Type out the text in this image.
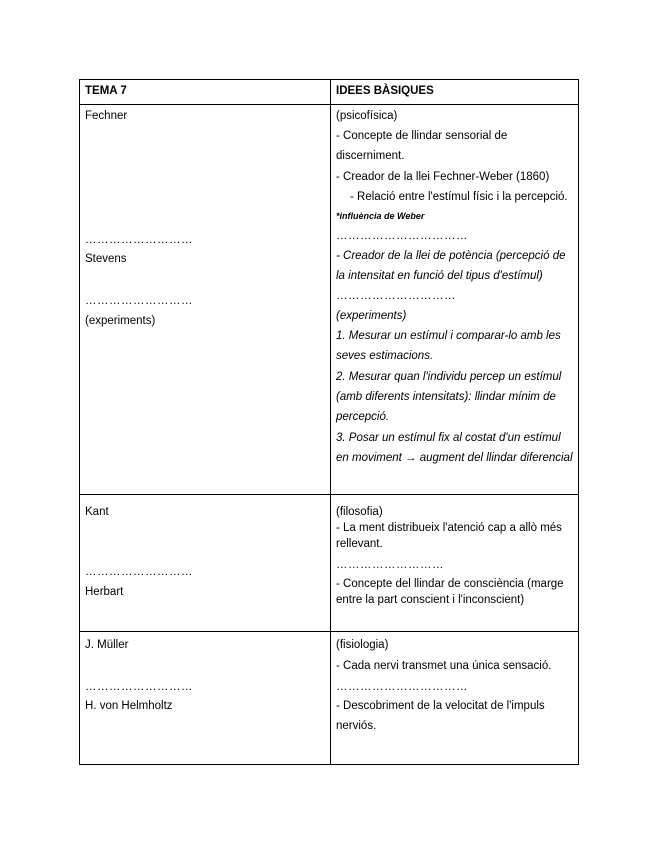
TEMA 7	IDEES BÀSIQUES
Fechner
………………………
Stevens
………………………
(experiments)
(psicofísica)
- Concepte de llindar sensorial de discerniment.
- Creador de la llei Fechner-Weber (1860)
- Relació entre l'estímul físic i la percepció.
*influència de Weber
……………………………
- Creador de la llei de potència (percepció de la intensitat en funció del tipus d'estímul)
…………………………
(experiments)
1. Mesurar un estímul i comparar-lo amb les seves estimacions.
2. Mesurar quan l'individu percep un estímul (amb diferents intensitats): llindar mínim de percepció.
3. Posar un estímul fix al costat d'un estímul en moviment → augment del llindar diferencial
Kant
………………………
Herbart
(filosofia)
- La ment distribueix l'atenció cap a allò més rellevant.
………………………
- Concepte del llindar de consciència (marge entre la part conscient i l'inconscient)
J. Müller
………………………
H. von Helmholtz
(fisiologia)
- Cada nervi transmet una única sensació.
……………………………
- Descobriment de la velocitat de l'impuls nerviós.
